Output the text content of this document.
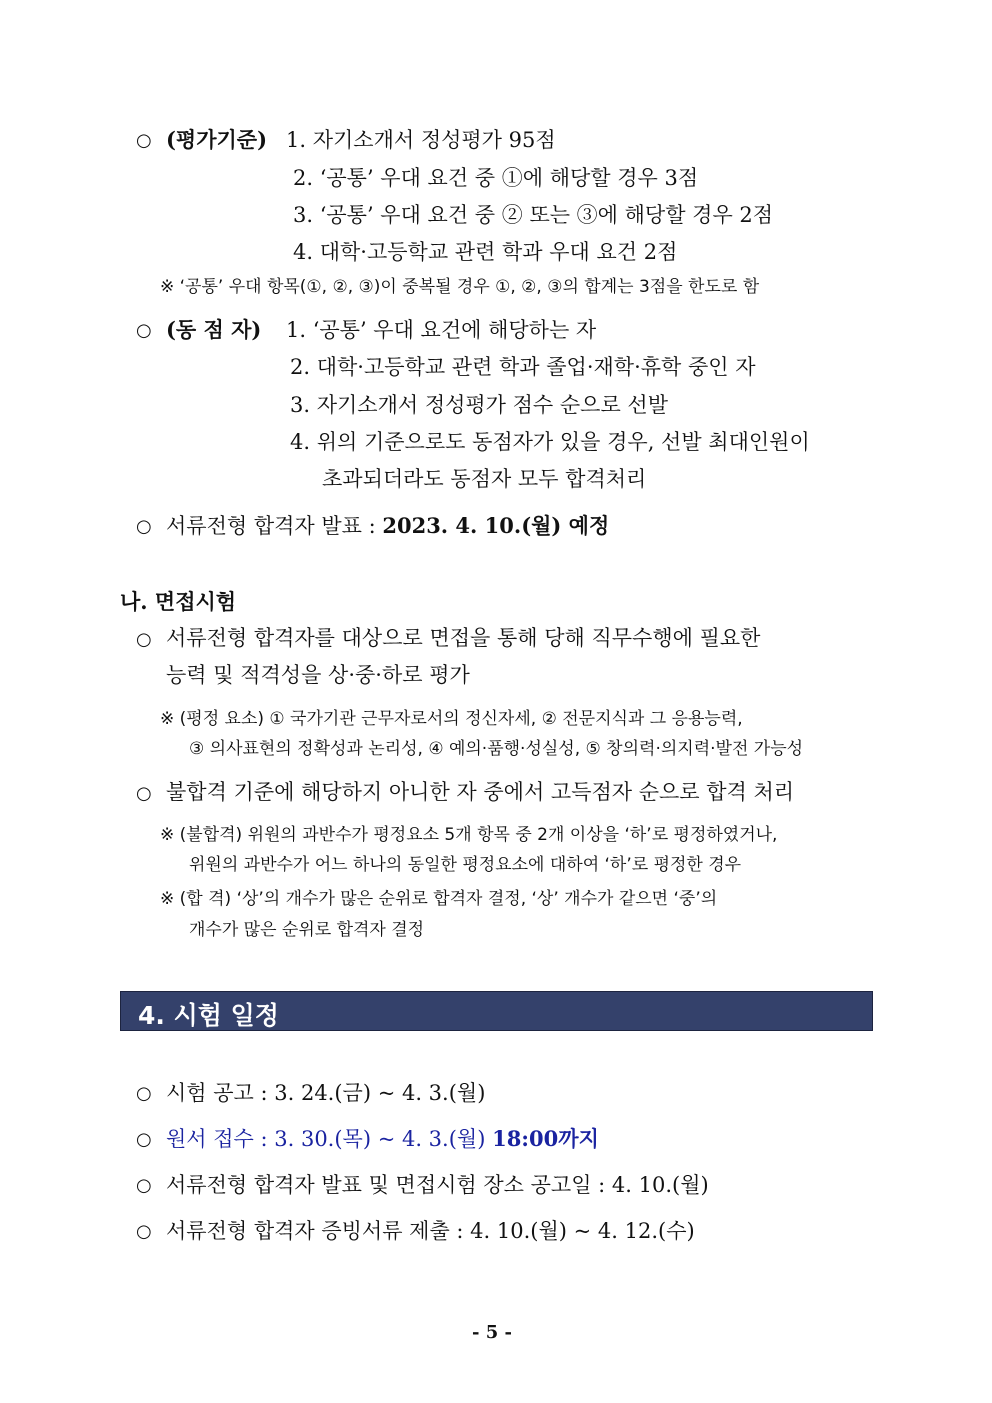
○ (평가기준) 1. 자기소개서 정성평가 95점
2. ‘공통’ 우대 요건 중 ①에 해당할 경우 3점
3. ‘공통’ 우대 요건 중 ② 또는 ③에 해당할 경우 2점
4. 대학·고등학교 관련 학과 우대 요건 2점
※ ‘공통’ 우대 항목(①, ②, ③)이 중복될 경우 ①, ②, ③의 합계는 3점을 한도로 함
○ (동 점 자) 1. ‘공통’ 우대 요건에 해당하는 자
2. 대학·고등학교 관련 학과 졸업·재학·휴학 중인 자
3. 자기소개서 정성평가 점수 순으로 선발
4. 위의 기준으로도 동점자가 있을 경우, 선발 최대인원이
초과되더라도 동점자 모두 합격처리
○ 서류전형 합격자 발표 : 2023. 4. 10.(월) 예정
나. 면접시험
○ 서류전형 합격자를 대상으로 면접을 통해 당해 직무수행에 필요한
능력 및 적격성을 상·중·하로 평가
※ (평정 요소) ① 국가기관 근무자로서의 정신자세, ② 전문지식과 그 응용능력,
③ 의사표현의 정확성과 논리성, ④ 예의·품행·성실성, ⑤ 창의력·의지력·발전 가능성
○ 불합격 기준에 해당하지 아니한 자 중에서 고득점자 순으로 합격 처리
※ (불합격) 위원의 과반수가 평정요소 5개 항목 중 2개 이상을 ‘하’로 평정하였거나,
위원의 과반수가 어느 하나의 동일한 평정요소에 대하여 ‘하’로 평정한 경우
※ (합 격) ‘상’의 개수가 많은 순위로 합격자 결정, ‘상’ 개수가 같으면 ‘중’의
개수가 많은 순위로 합격자 결정
4. 시험 일정
○ 시험 공고 : 3. 24.(금) ~ 4. 3.(월)
○ 원서 접수 : 3. 30.(목) ~ 4. 3.(월) 18:00까지
○ 서류전형 합격자 발표 및 면접시험 장소 공고일 : 4. 10.(월)
○ 서류전형 합격자 증빙서류 제출 : 4. 10.(월) ~ 4. 12.(수)
- 5 -
